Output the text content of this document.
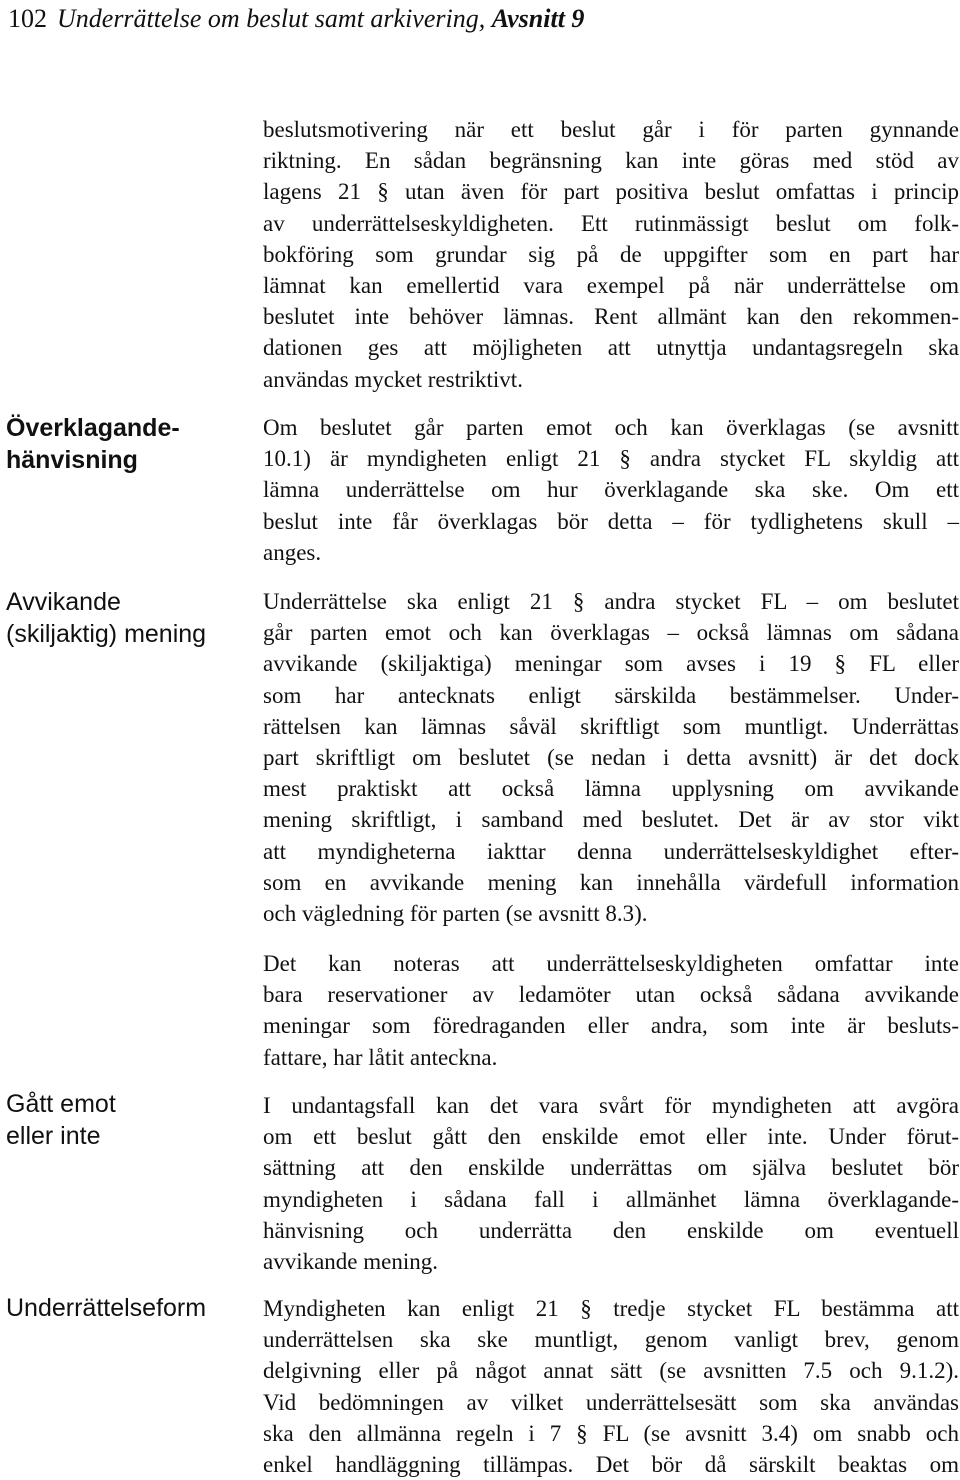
102 Underrättelse om beslut samt arkivering, Avsnitt 9
Överklagande-
hänvisning
Avvikande
(skiljaktig) mening
Gått emot
eller inte
Underrättelseform

beslutsmotivering när ett beslut går i för parten gynnande
riktning. En sådan begränsning kan inte göras med stöd av
lagens 21 § utan även för part positiva beslut omfattas i princip
av underrättelseskyldigheten. Ett rutinmässigt beslut om folk-
bokföring som grundar sig på de uppgifter som en part har
lämnat kan emellertid vara exempel på när underrättelse om
beslutet inte behöver lämnas. Rent allmänt kan den rekommen-
dationen ges att möjligheten att utnyttja undantagsregeln ska
användas mycket restriktivt.

Om beslutet går parten emot och kan överklagas (se avsnitt
10.1) är myndigheten enligt 21 § andra stycket FL skyldig att
lämna underrättelse om hur överklagande ska ske. Om ett
beslut inte får överklagas bör detta – för tydlighetens skull –
anges.

Underrättelse ska enligt 21 § andra stycket FL – om beslutet
går parten emot och kan överklagas – också lämnas om sådana
avvikande (skiljaktiga) meningar som avses i 19 § FL eller
som har antecknats enligt särskilda bestämmelser. Under-
rättelsen kan lämnas såväl skriftligt som muntligt. Underrättas
part skriftligt om beslutet (se nedan i detta avsnitt) är det dock
mest praktiskt att också lämna upplysning om avvikande
mening skriftligt, i samband med beslutet. Det är av stor vikt
att myndigheterna iakttar denna underrättelseskyldighet efter-
som en avvikande mening kan innehålla värdefull information
och vägledning för parten (se avsnitt 8.3).

Det kan noteras att underrättelseskyldigheten omfattar inte
bara reservationer av ledamöter utan också sådana avvikande
meningar som föredraganden eller andra, som inte är besluts-
fattare, har låtit anteckna.

I undantagsfall kan det vara svårt för myndigheten att avgöra
om ett beslut gått den enskilde emot eller inte. Under förut-
sättning att den enskilde underrättas om själva beslutet bör
myndigheten i sådana fall i allmänhet lämna överklagande-
hänvisning och underrätta den enskilde om eventuell
avvikande mening.

Myndigheten kan enligt 21 § tredje stycket FL bestämma att
underrättelsen ska ske muntligt, genom vanligt brev, genom
delgivning eller på något annat sätt (se avsnitten 7.5 och 9.1.2).
Vid bedömningen av vilket underrättelsesätt som ska användas
ska den allmänna regeln i 7 § FL (se avsnitt 3.4) om snabb och
enkel handläggning tillämpas. Det bör då särskilt beaktas om
